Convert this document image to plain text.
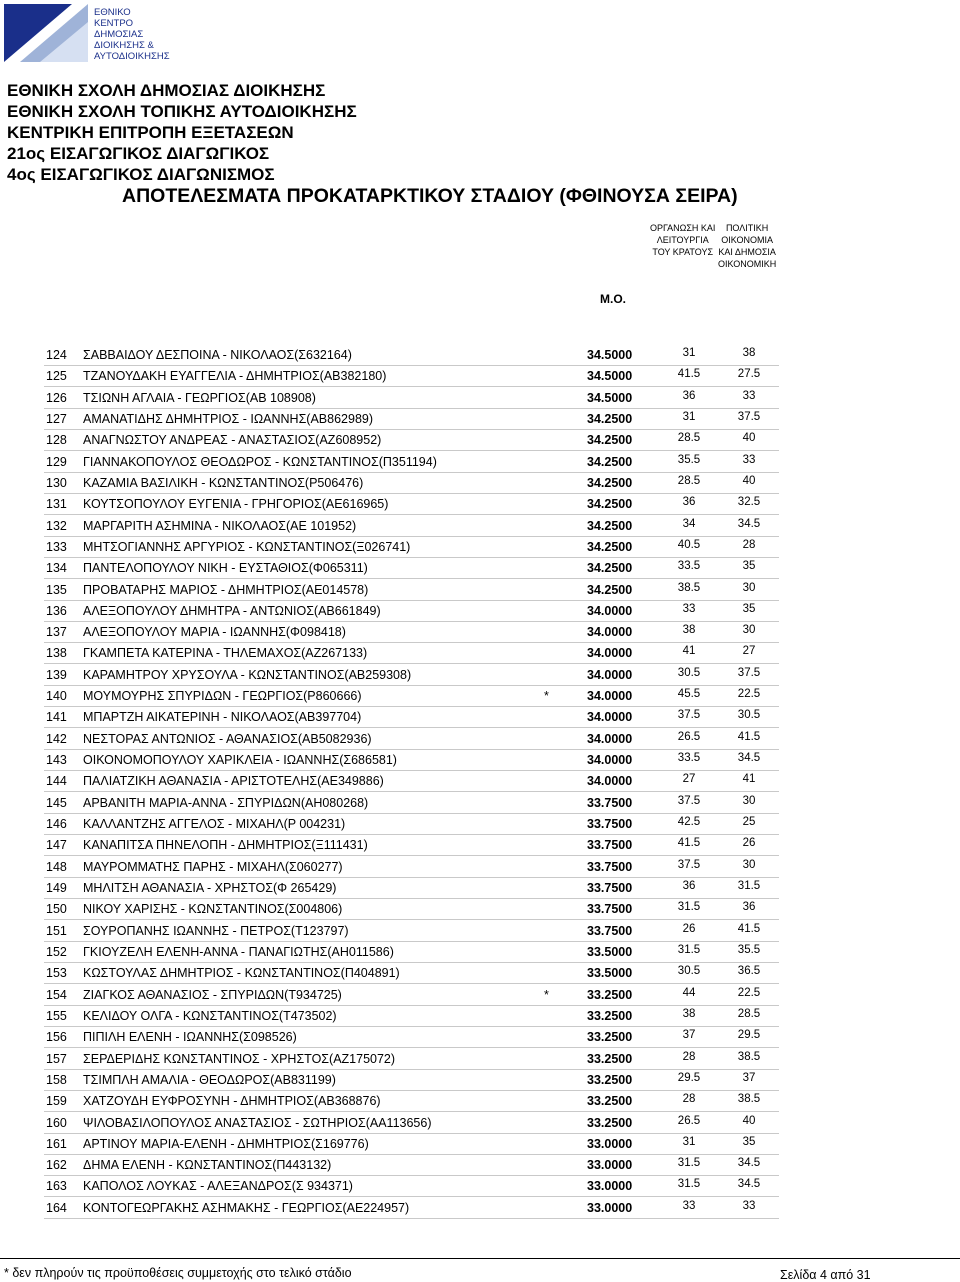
ΕΘΝΙΚΟ
ΚΕΝΤΡΟ
ΔΗΜΟΣΙΑΣ
ΔΙΟΙΚΗΣΗΣ &
ΑΥΤΟΔΙΟΙΚΗΣΗΣ
ΕΘΝΙΚΗ ΣΧΟΛΗ ΔΗΜΟΣΙΑΣ ΔΙΟΙΚΗΣΗΣ
ΕΘΝΙΚΗ ΣΧΟΛΗ ΤΟΠΙΚΗΣ ΑΥΤΟΔΙΟΙΚΗΣΗΣ
ΚΕΝΤΡΙΚΗ ΕΠΙΤΡΟΠΗ ΕΞΕΤΑΣΕΩΝ
21ος ΕΙΣΑΓΩΓΙΚΟΣ ΔΙΑΓΩΓΙΚΟΣ
4ος ΕΙΣΑΓΩΓΙΚΟΣ ΔΙΑΓΩΝΙΣΜΟΣ
ΑΠΟΤΕΛΕΣΜΑΤΑ ΠΡΟΚΑΤΑΡΚΤΙΚΟΥ ΣΤΑΔΙΟΥ (ΦΘΙΝΟΥΣΑ ΣΕΙΡΑ)
ΟΡΓΑΝΩΣΗ ΚΑΙ
ΛΕΙΤΟΥΡΓΙΑ
ΤΟΥ ΚΡΑΤΟΥΣ
ΠΟΛΙΤΙΚΗ
ΟΙΚΟΝΟΜΙΑ
ΚΑΙ ΔΗΜΟΣΙΑ
ΟΙΚΟΝΟΜΙΚΗ
Μ.Ο.
124 ΣΑΒΒΑΙΔΟΥ ΔΕΣΠΟΙΝΑ - ΝΙΚΟΛΑΟΣ(Σ632164)	34.5000	31	38
125 ΤΖΑΝΟΥΔΑΚΗ ΕΥΑΓΓΕΛΙΑ - ΔΗΜΗΤΡΙΟΣ(ΑΒ382180)	34.5000	41.5	27.5
126 ΤΣΙΩΝΗ ΑΓΛΑΙΑ - ΓΕΩΡΓΙΟΣ(ΑΒ 108908)	34.5000	36	33
127 ΑΜΑΝΑΤΙΔΗΣ ΔΗΜΗΤΡΙΟΣ - ΙΩΑΝΝΗΣ(ΑΒ862989)	34.2500	31	37.5
128 ΑΝΑΓΝΩΣΤΟΥ ΑΝΔΡΕΑΣ - ΑΝΑΣΤΑΣΙΟΣ(ΑΖ608952)	34.2500	28.5	40
129 ΓΙΑΝΝΑΚΟΠΟΥΛΟΣ ΘΕΟΔΩΡΟΣ - ΚΩΝΣΤΑΝΤΙΝΟΣ(Π351194)	34.2500	35.5	33
130 ΚΑΖΑΜΙΑ ΒΑΣΙΛΙΚΗ - ΚΩΝΣΤΑΝΤΙΝΟΣ(Ρ506476)	34.2500	28.5	40
131 ΚΟΥΤΣΟΠΟΥΛΟΥ ΕΥΓΕΝΙΑ - ΓΡΗΓΟΡΙΟΣ(ΑΕ616965)	34.2500	36	32.5
132 ΜΑΡΓΑΡΙΤΗ ΑΣΗΜΙΝΑ - ΝΙΚΟΛΑΟΣ(ΑΕ 101952)	34.2500	34	34.5
133 ΜΗΤΣΟΓΙΑΝΝΗΣ ΑΡΓΥΡΙΟΣ - ΚΩΝΣΤΑΝΤΙΝΟΣ(Ξ026741)	34.2500	40.5	28
134 ΠΑΝΤΕΛΟΠΟΥΛΟΥ ΝΙΚΗ - ΕΥΣΤΑΘΙΟΣ(Φ065311)	34.2500	33.5	35
135 ΠΡΟΒΑΤΑΡΗΣ ΜΑΡΙΟΣ - ΔΗΜΗΤΡΙΟΣ(ΑΕ014578)	34.2500	38.5	30
136 ΑΛΕΞΟΠΟΥΛΟΥ ΔΗΜΗΤΡΑ - ΑΝΤΩΝΙΟΣ(ΑΒ661849)	34.0000	33	35
137 ΑΛΕΞΟΠΟΥΛΟΥ ΜΑΡΙΑ - ΙΩΑΝΝΗΣ(Φ098418)	34.0000	38	30
138 ΓΚΑΜΠΕΤΑ ΚΑΤΕΡΙΝΑ - ΤΗΛΕΜΑΧΟΣ(ΑΖ267133)	34.0000	41	27
139 ΚΑΡΑΜΗΤΡΟΥ ΧΡΥΣΟΥΛΑ - ΚΩΝΣΤΑΝΤΙΝΟΣ(ΑΒ259308)	34.0000	30.5	37.5
140 ΜΟΥΜΟΥΡΗΣ ΣΠΥΡΙΔΩΝ - ΓΕΩΡΓΙΟΣ(Ρ860666)	*	34.0000	45.5	22.5
141 ΜΠΑΡΤΖΗ ΑΙΚΑΤΕΡΙΝΗ - ΝΙΚΟΛΑΟΣ(ΑΒ397704)	34.0000	37.5	30.5
142 ΝΕΣΤΟΡΑΣ ΑΝΤΩΝΙΟΣ - ΑΘΑΝΑΣΙΟΣ(ΑΒ5082936)	34.0000	26.5	41.5
143 ΟΙΚΟΝΟΜΟΠΟΥΛΟΥ ΧΑΡΙΚΛΕΙΑ - ΙΩΑΝΝΗΣ(Σ686581)	34.0000	33.5	34.5
144 ΠΑΛΙΑΤΖΙΚΗ ΑΘΑΝΑΣΙΑ - ΑΡΙΣΤΟΤΕΛΗΣ(ΑΕ349886)	34.0000	27	41
145 ΑΡΒΑΝΙΤΗ ΜΑΡΙΑ-ΑΝΝΑ - ΣΠΥΡΙΔΩΝ(ΑΗ080268)	33.7500	37.5	30
146 ΚΑΛΛΑΝΤΖΗΣ ΑΓΓΕΛΟΣ - ΜΙΧΑΗΛ(Ρ 004231)	33.7500	42.5	25
147 ΚΑΝΑΠΙΤΣΑ ΠΗΝΕΛΟΠΗ - ΔΗΜΗΤΡΙΟΣ(Ξ111431)	33.7500	41.5	26
148 ΜΑΥΡΟΜΜΑΤΗΣ ΠΑΡΗΣ - ΜΙΧΑΗΛ(Σ060277)	33.7500	37.5	30
149 ΜΗΛΙΤΣΗ ΑΘΑΝΑΣΙΑ - ΧΡΗΣΤΟΣ(Φ 265429)	33.7500	36	31.5
150 ΝΙΚΟΥ ΧΑΡΙΣΗΣ - ΚΩΝΣΤΑΝΤΙΝΟΣ(Σ004806)	33.7500	31.5	36
151 ΣΟΥΡΟΠΑΝΗΣ ΙΩΑΝΝΗΣ - ΠΕΤΡΟΣ(Τ123797)	33.7500	26	41.5
152 ΓΚΙΟΥΖΕΛΗ ΕΛΕΝΗ-ΑΝΝΑ - ΠΑΝΑΓΙΩΤΗΣ(ΑΗ011586)	33.5000	31.5	35.5
153 ΚΩΣΤΟΥΛΑΣ ΔΗΜΗΤΡΙΟΣ - ΚΩΝΣΤΑΝΤΙΝΟΣ(Π404891)	33.5000	30.5	36.5
154 ΖΙΑΓΚΟΣ ΑΘΑΝΑΣΙΟΣ - ΣΠΥΡΙΔΩΝ(Τ934725)	*	33.2500	44	22.5
155 ΚΕΛΙΔΟΥ ΟΛΓΑ - ΚΩΝΣΤΑΝΤΙΝΟΣ(Τ473502)	33.2500	38	28.5
156 ΠΙΠΙΛΗ ΕΛΕΝΗ - ΙΩΑΝΝΗΣ(Σ098526)	33.2500	37	29.5
157 ΣΕΡΔΕΡΙΔΗΣ ΚΩΝΣΤΑΝΤΙΝΟΣ - ΧΡΗΣΤΟΣ(ΑΖ175072)	33.2500	28	38.5
158 ΤΣΙΜΠΛΗ ΑΜΑΛΙΑ - ΘΕΟΔΩΡΟΣ(ΑΒ831199)	33.2500	29.5	37
159 ΧΑΤΖΟΥΔΗ ΕΥΦΡΟΣΥΝΗ - ΔΗΜΗΤΡΙΟΣ(ΑΒ368876)	33.2500	28	38.5
160 ΨΙΛΟΒΑΣΙΛΟΠΟΥΛΟΣ ΑΝΑΣΤΑΣΙΟΣ - ΣΩΤΗΡΙΟΣ(ΑΑ113656)	33.2500	26.5	40
161 ΑΡΤΙΝΟΥ ΜΑΡΙΑ-ΕΛΕΝΗ - ΔΗΜΗΤΡΙΟΣ(Σ169776)	33.0000	31	35
162 ΔΗΜΑ ΕΛΕΝΗ - ΚΩΝΣΤΑΝΤΙΝΟΣ(Π443132)	33.0000	31.5	34.5
163 ΚΑΠΟΛΟΣ ΛΟΥΚΑΣ - ΑΛΕΞΑΝΔΡΟΣ(Σ 934371)	33.0000	31.5	34.5
164 ΚΟΝΤΟΓΕΩΡΓΑΚΗΣ ΑΣΗΜΑΚΗΣ - ΓΕΩΡΓΙΟΣ(ΑΕ224957)	33.0000	33	33
* δεν πληρούν τις προϋποθέσεις συμμετοχής στο τελικό στάδιο	Σελίδα 4 από 31
